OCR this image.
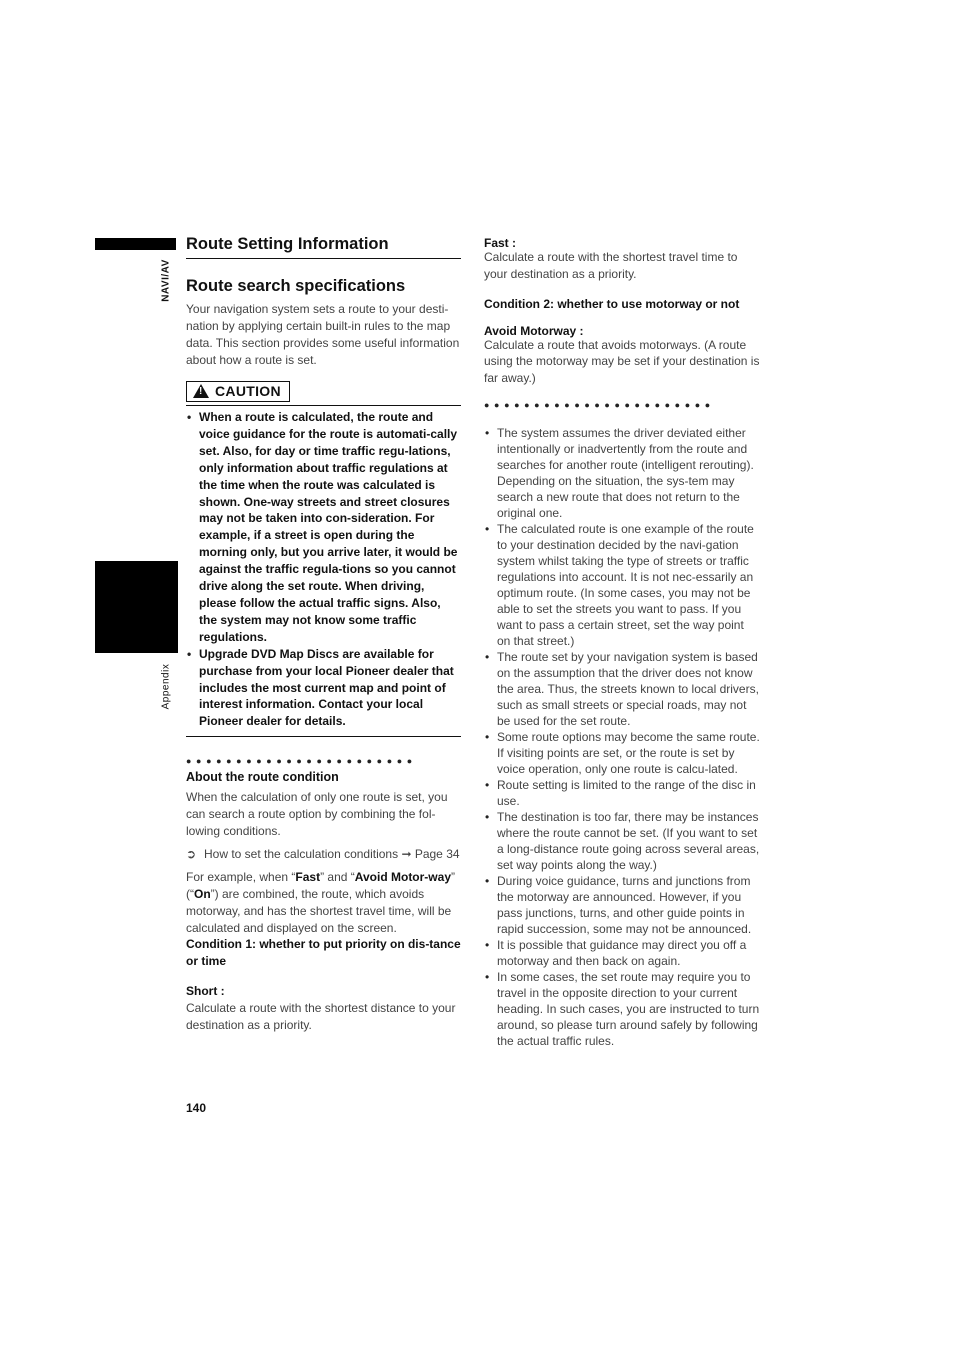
NAVI/AV
Appendix
Route Setting Information
Route search specifications

Your navigation system sets a route to your desti-nation by applying certain built-in rules to the map data. This section provides some useful information about how a route is set.

! CAUTION
• When a route is calculated, the route and voice guidance for the route is automati-cally set. Also, for day or time traffic regu-lations, only information about traffic regulations at the time when the route was calculated is shown. One-way streets and street closures may not be taken into con-sideration. For example, if a street is open during the morning only, but you arrive later, it would be against the traffic regula-tions so you cannot drive along the set route. When driving, please follow the actual traffic signs. Also, the system may not know some traffic regulations.
• Upgrade DVD Map Discs are available for purchase from your local Pioneer dealer that includes the most current map and point of interest information. Contact your local Pioneer dealer for details.
●●●●●●●●●●●●●●●●●●●●●●●
About the route condition

When the calculation of only one route is set, you can search a route option by combining the fol-lowing conditions.

➲ How to set the calculation conditions ➞ Page 34

For example, when “Fast” and “Avoid Motor-way” (“On”) are combined, the route, which avoids motorway, and has the shortest travel time, will be calculated and displayed on the screen.

Condition 1: whether to put priority on dis-tance or time

Short :

Calculate a route with the shortest distance to your destination as a priority.

140

Fast :

Calculate a route with the shortest travel time to your destination as a priority.

Condition 2: whether to use motorway or not

Avoid Motorway :

Calculate a route that avoids motorways. (A route using the motorway may be set if your destination is far away.)

●●●●●●●●●●●●●●●●●●●●●●●
• The system assumes the driver deviated either intentionally or inadvertently from the route and searches for another route (intelligent rerouting). Depending on the situation, the sys-tem may search a new route that does not return to the original one.
• The calculated route is one example of the route to your destination decided by the navi-gation system whilst taking the type of streets or traffic regulations into account. It is not nec-essarily an optimum route. (In some cases, you may not be able to set the streets you want to pass. If you want to pass a certain street, set the way point on that street.)
• The route set by your navigation system is based on the assumption that the driver does not know the area. Thus, the streets known to local drivers, such as small streets or special roads, may not be used for the set route.
• Some route options may become the same route. If visiting points are set, or the route is set by voice operation, only one route is calcu-lated.
• Route setting is limited to the range of the disc in use.
• The destination is too far, there may be instances where the route cannot be set. (If you want to set a long-distance route going across several areas, set way points along the way.)
• During voice guidance, turns and junctions from the motorway are announced. However, if you pass junctions, turns, and other guide points in rapid succession, some may not be announced.
• It is possible that guidance may direct you off a motorway and then back on again.
• In some cases, the set route may require you to travel in the opposite direction to your current heading. In such cases, you are instructed to turn around, so please turn around safely by following the actual traffic rules.
